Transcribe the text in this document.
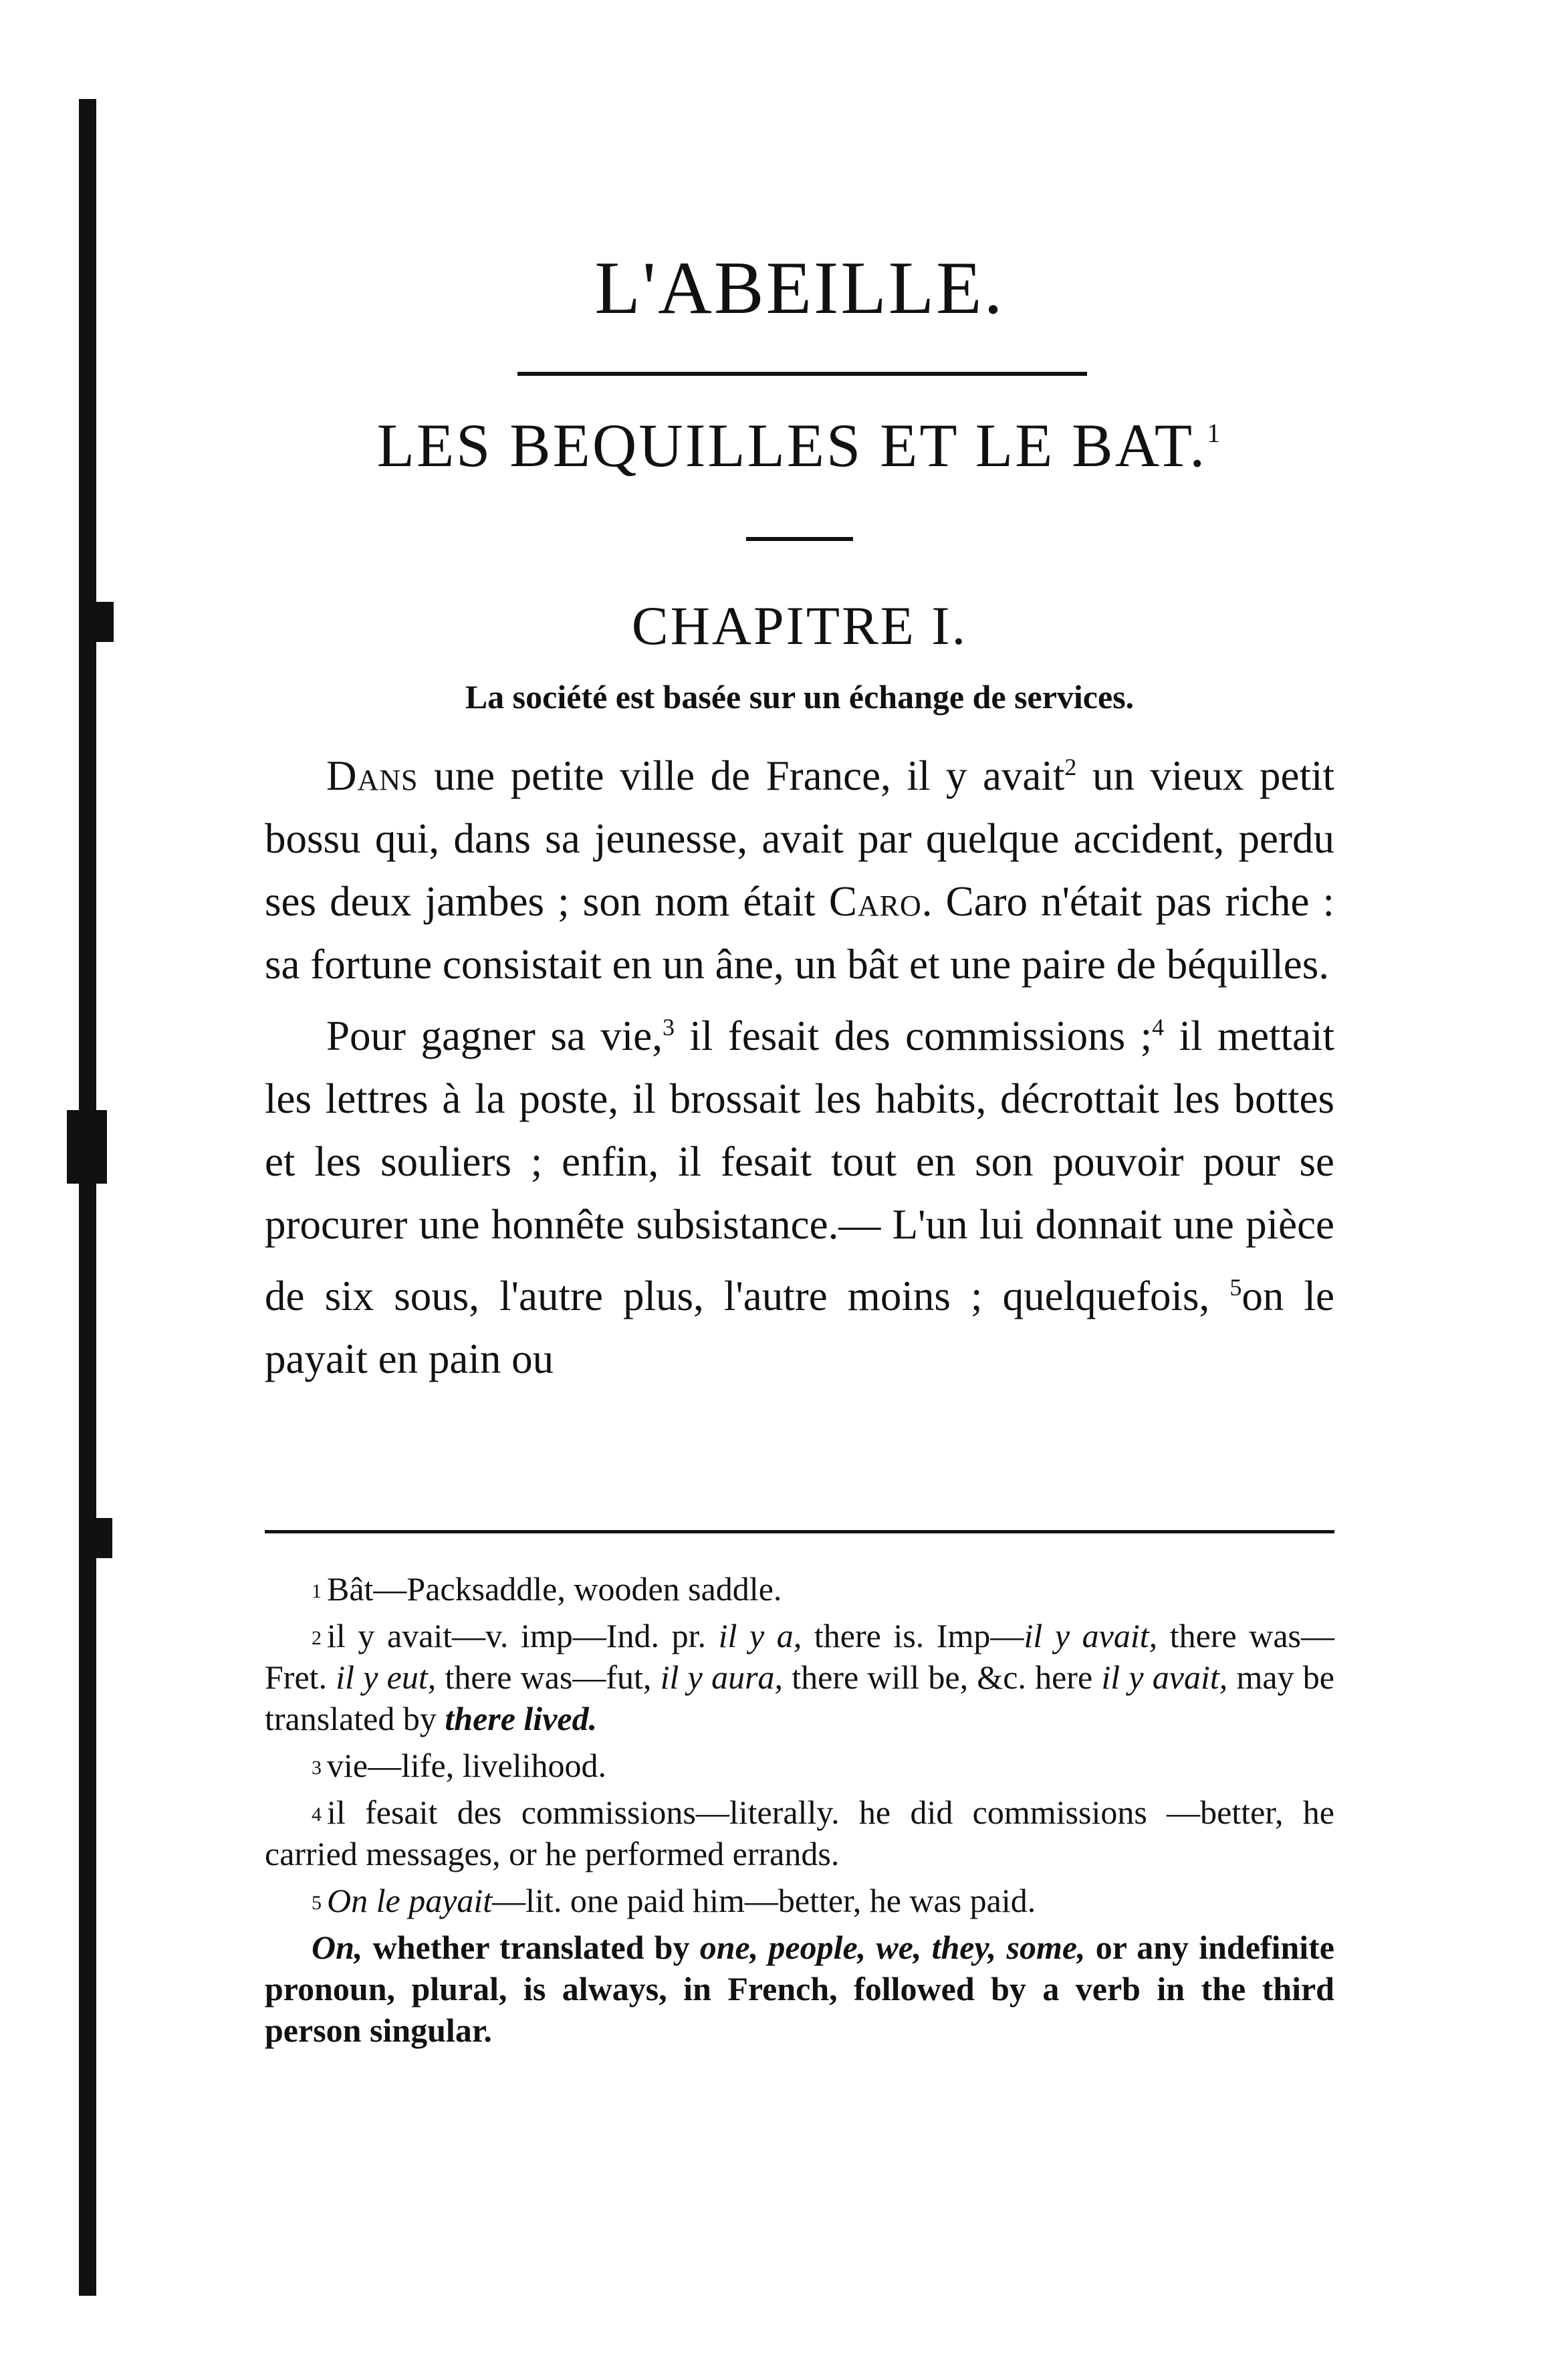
L'ABEILLE.
LES BEQUILLES ET LE BAT.$^1$
CHAPITRE I.
La société est basée sur un échange de services.

Dans une petite ville de France, il y avait$^2$ un vieux petit bossu qui, dans sa jeunesse, avait par quelque accident, perdu ses deux jambes ; son nom était Caro. Caro n'était pas riche : sa fortune consistait en un âne, un bât et une paire de béquilles.

Pour gagner sa vie,$^3$ il fesait des commissions ;$^4$ il mettait les lettres à la poste, il brossait les habits, décrottait les bottes et les souliers ; enfin, il fesait tout en son pouvoir pour se procurer une honnête subsistance.— L'un lui donnait une pièce de six sous, l'autre plus, l'autre moins ; quelquefois, $^5$on le payait en pain ou

$^1$ Bât—Packsaddle, wooden saddle.

$^2$ il y avait—v. imp—Ind. pr. il y a, there is. Imp—il y avait, there was—Fret. il y eut, there was—fut, il y aura, there will be, &c. here il y avait, may be translated by there lived.

$^3$ vie—life, livelihood.

$^4$ il fesait des commissions—literally. he did commissions —better, he carried messages, or he performed errands.

$^5$ On le payait—lit. one paid him—better, he was paid.

On, whether translated by one, people, we, they, some, or any indefinite pronoun, plural, is always, in French, followed by a verb in the third person singular.
